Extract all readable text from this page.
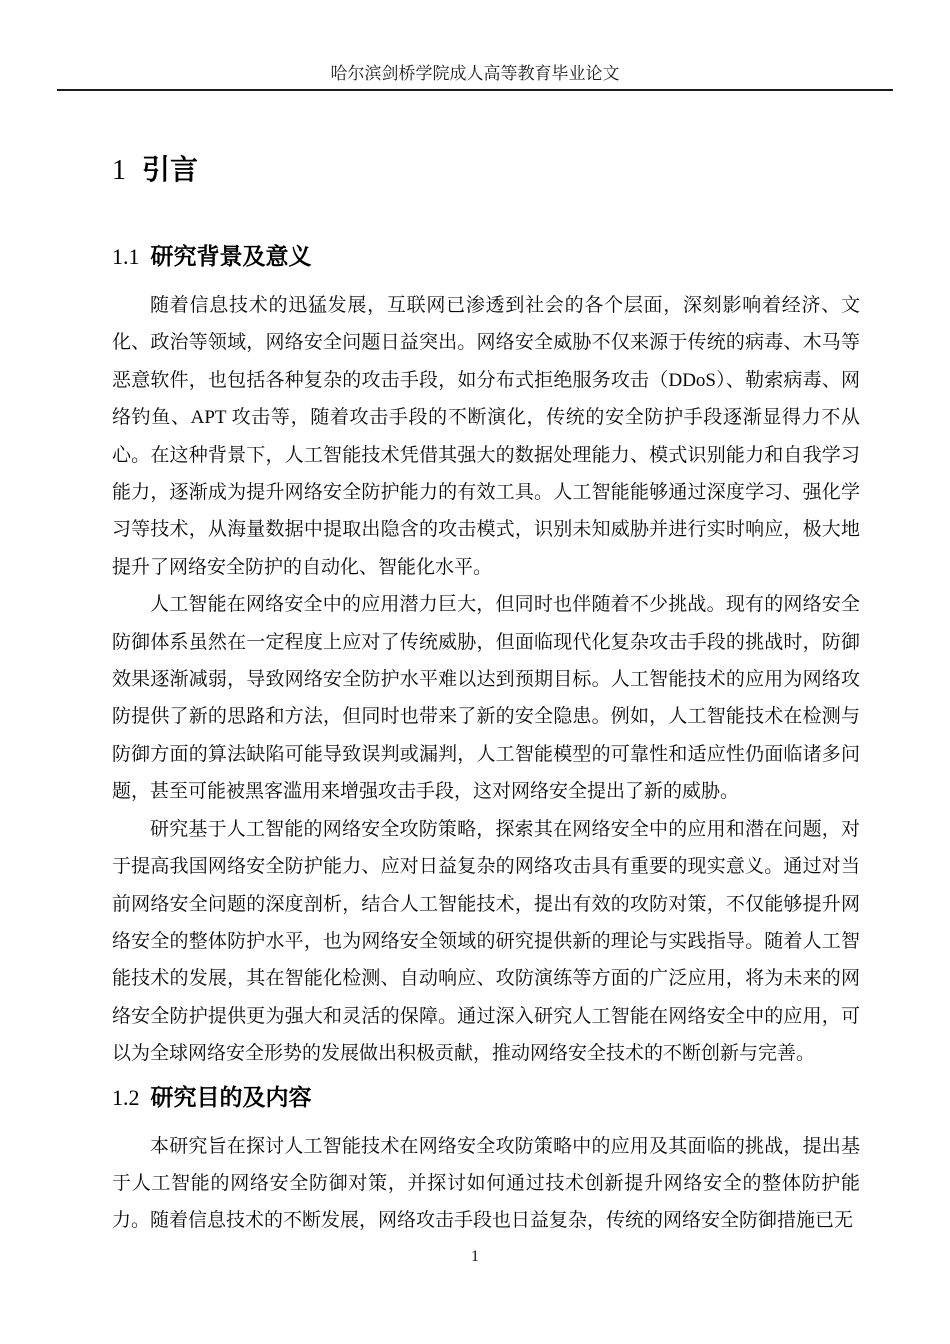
哈尔滨剑桥学院成人高等教育毕业论文
1 引言
1.1 研究背景及意义

随着信息技术的迅猛发展，互联网已渗透到社会的各个层面，深刻影响着经济、文化、政治等领域，网络安全问题日益突出。网络安全威胁不仅来源于传统的病毒、木马等恶意软件，也包括各种复杂的攻击手段，如分布式拒绝服务攻击（DDoS）、勒索病毒、网络钓鱼、APT 攻击等，随着攻击手段的不断演化，传统的安全防护手段逐渐显得力不从心。在这种背景下，人工智能技术凭借其强大的数据处理能力、模式识别能力和自我学习能力，逐渐成为提升网络安全防护能力的有效工具。人工智能能够通过深度学习、强化学习等技术，从海量数据中提取出隐含的攻击模式，识别未知威胁并进行实时响应，极大地提升了网络安全防护的自动化、智能化水平。

人工智能在网络安全中的应用潜力巨大，但同时也伴随着不少挑战。现有的网络安全防御体系虽然在一定程度上应对了传统威胁，但面临现代化复杂攻击手段的挑战时，防御效果逐渐减弱，导致网络安全防护水平难以达到预期目标。人工智能技术的应用为网络攻防提供了新的思路和方法，但同时也带来了新的安全隐患。例如，人工智能技术在检测与防御方面的算法缺陷可能导致误判或漏判，人工智能模型的可靠性和适应性仍面临诸多问题，甚至可能被黑客滥用来增强攻击手段，这对网络安全提出了新的威胁。

研究基于人工智能的网络安全攻防策略，探索其在网络安全中的应用和潜在问题，对于提高我国网络安全防护能力、应对日益复杂的网络攻击具有重要的现实意义。通过对当前网络安全问题的深度剖析，结合人工智能技术，提出有效的攻防对策，不仅能够提升网络安全的整体防护水平，也为网络安全领域的研究提供新的理论与实践指导。随着人工智能技术的发展，其在智能化检测、自动响应、攻防演练等方面的广泛应用，将为未来的网络安全防护提供更为强大和灵活的保障。通过深入研究人工智能在网络安全中的应用，可以为全球网络安全形势的发展做出积极贡献，推动网络安全技术的不断创新与完善。

1.2 研究目的及内容

本研究旨在探讨人工智能技术在网络安全攻防策略中的应用及其面临的挑战，提出基于人工智能的网络安全防御对策，并探讨如何通过技术创新提升网络安全的整体防护能力。随着信息技术的不断发展，网络攻击手段也日益复杂，传统的网络安全防御措施已无

1
